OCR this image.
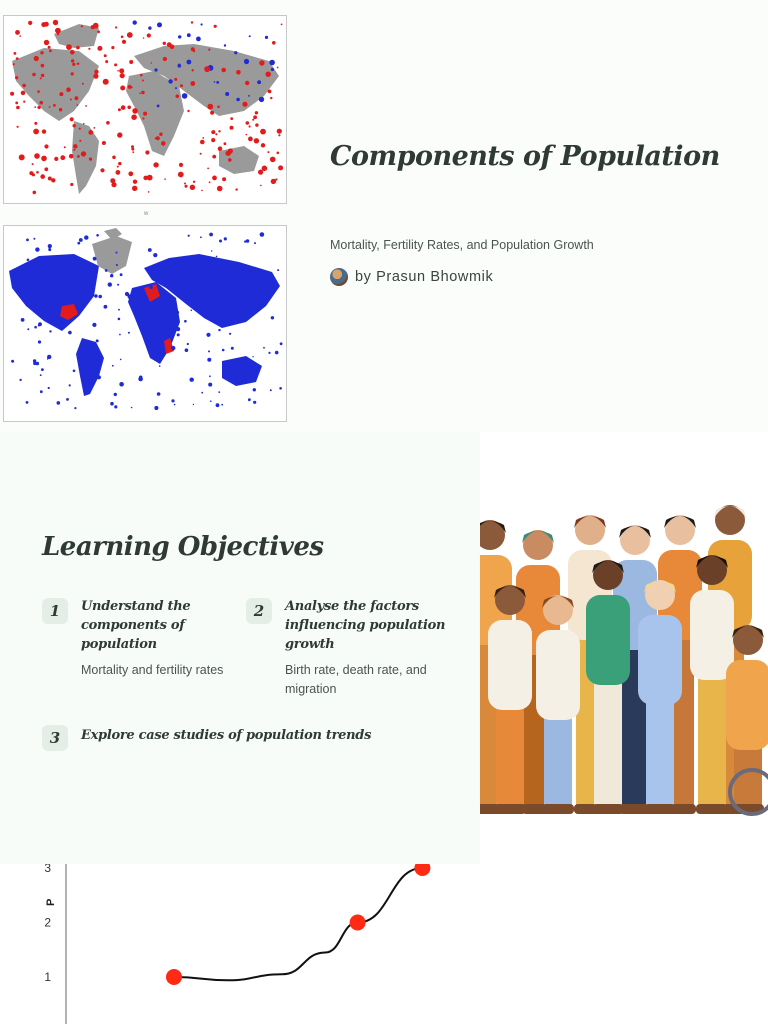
w
Components of Population
Mortality, Fertility Rates, and Population Growth
by Prasun Bhowmik
Learning Objectives
1	Understand the
components of
population
Mortality and fertility rates
2	Analyse the factors
influencing population
growth
Birth rate, death rate, and
migration
3	Explore case studies of population trends
P
1
2
3
